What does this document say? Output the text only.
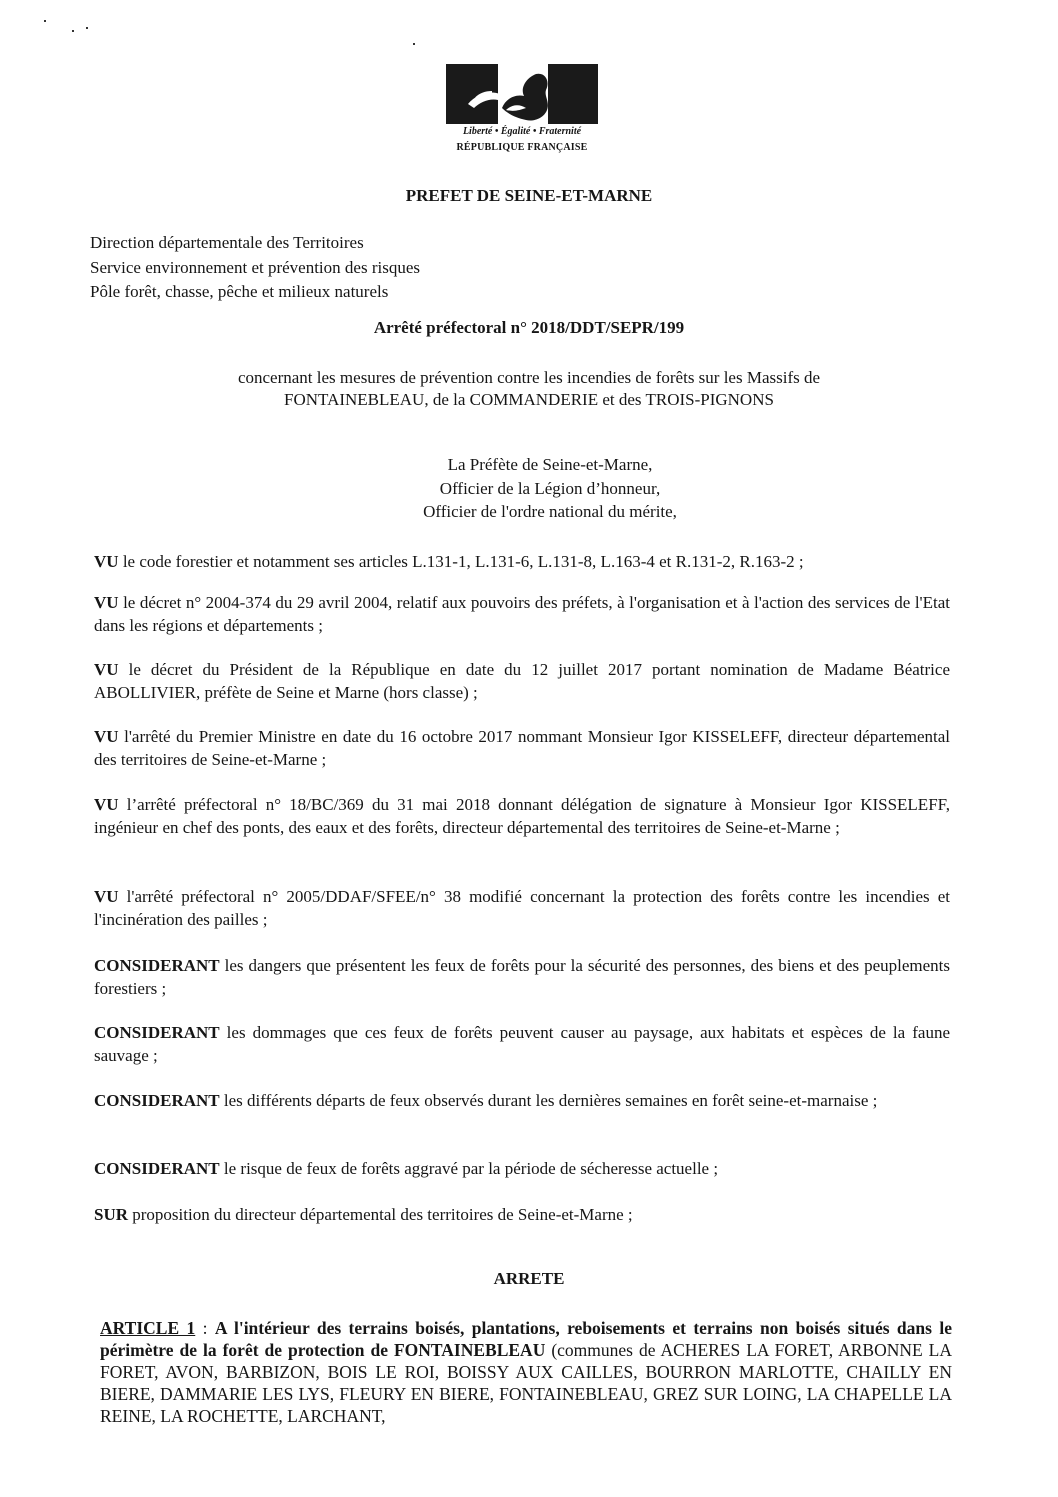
Liberté • Égalité • Fraternité
RÉPUBLIQUE FRANÇAISE
PREFET DE SEINE-ET-MARNE
Direction départementale des Territoires
Service environnement et prévention des risques
Pôle forêt, chasse, pêche et milieux naturels
Arrêté préfectoral n° 2018/DDT/SEPR/199
concernant les mesures de prévention contre les incendies de forêts sur les Massifs de
FONTAINEBLEAU, de la COMMANDERIE et des TROIS-PIGNONS
La Préfète de Seine-et-Marne,
Officier de la Légion d’honneur,
Officier de l'ordre national du mérite,

VU le code forestier et notamment ses articles L.131-1, L.131-6, L.131-8, L.163-4 et R.131-2, R.163-2 ;

VU le décret n° 2004-374 du 29 avril 2004, relatif aux pouvoirs des préfets, à l'organisation et à l'action des services de l'Etat dans les régions et départements ;

VU le décret du Président de la République en date du 12 juillet 2017 portant nomination de Madame Béatrice ABOLLIVIER, préfète de Seine et Marne (hors classe) ;

VU l'arrêté du Premier Ministre en date du 16 octobre 2017 nommant Monsieur Igor KISSELEFF, directeur départemental des territoires de Seine-et-Marne ;

VU l’arrêté préfectoral n° 18/BC/369 du 31 mai 2018 donnant délégation de signature à Monsieur Igor KISSELEFF, ingénieur en chef des ponts, des eaux et des forêts, directeur départemental des territoires de Seine-et-Marne ;

VU l'arrêté préfectoral n° 2005/DDAF/SFEE/n° 38 modifié concernant la protection des forêts contre les incendies et l'incinération des pailles ;

CONSIDERANT les dangers que présentent les feux de forêts pour la sécurité des personnes, des biens et des peuplements forestiers ;

CONSIDERANT les dommages que ces feux de forêts peuvent causer au paysage, aux habitats et espèces de la faune sauvage ;

CONSIDERANT les différents départs de feux observés durant les dernières semaines en forêt seine-et-marnaise ;

CONSIDERANT le risque de feux de forêts aggravé par la période de sécheresse actuelle ;

SUR proposition du directeur départemental des territoires de Seine-et-Marne ;

ARRETE
ARTICLE 1 : A l'intérieur des terrains boisés, plantations, reboisements et terrains non boisés situés dans le périmètre de la forêt de protection de FONTAINEBLEAU (communes de ACHERES LA FORET, ARBONNE LA FORET, AVON, BARBIZON, BOIS LE ROI, BOISSY AUX CAILLES, BOURRON MARLOTTE, CHAILLY EN BIERE, DAMMARIE LES LYS, FLEURY EN BIERE, FONTAINEBLEAU, GREZ SUR LOING, LA CHAPELLE LA REINE, LA ROCHETTE, LARCHANT,
